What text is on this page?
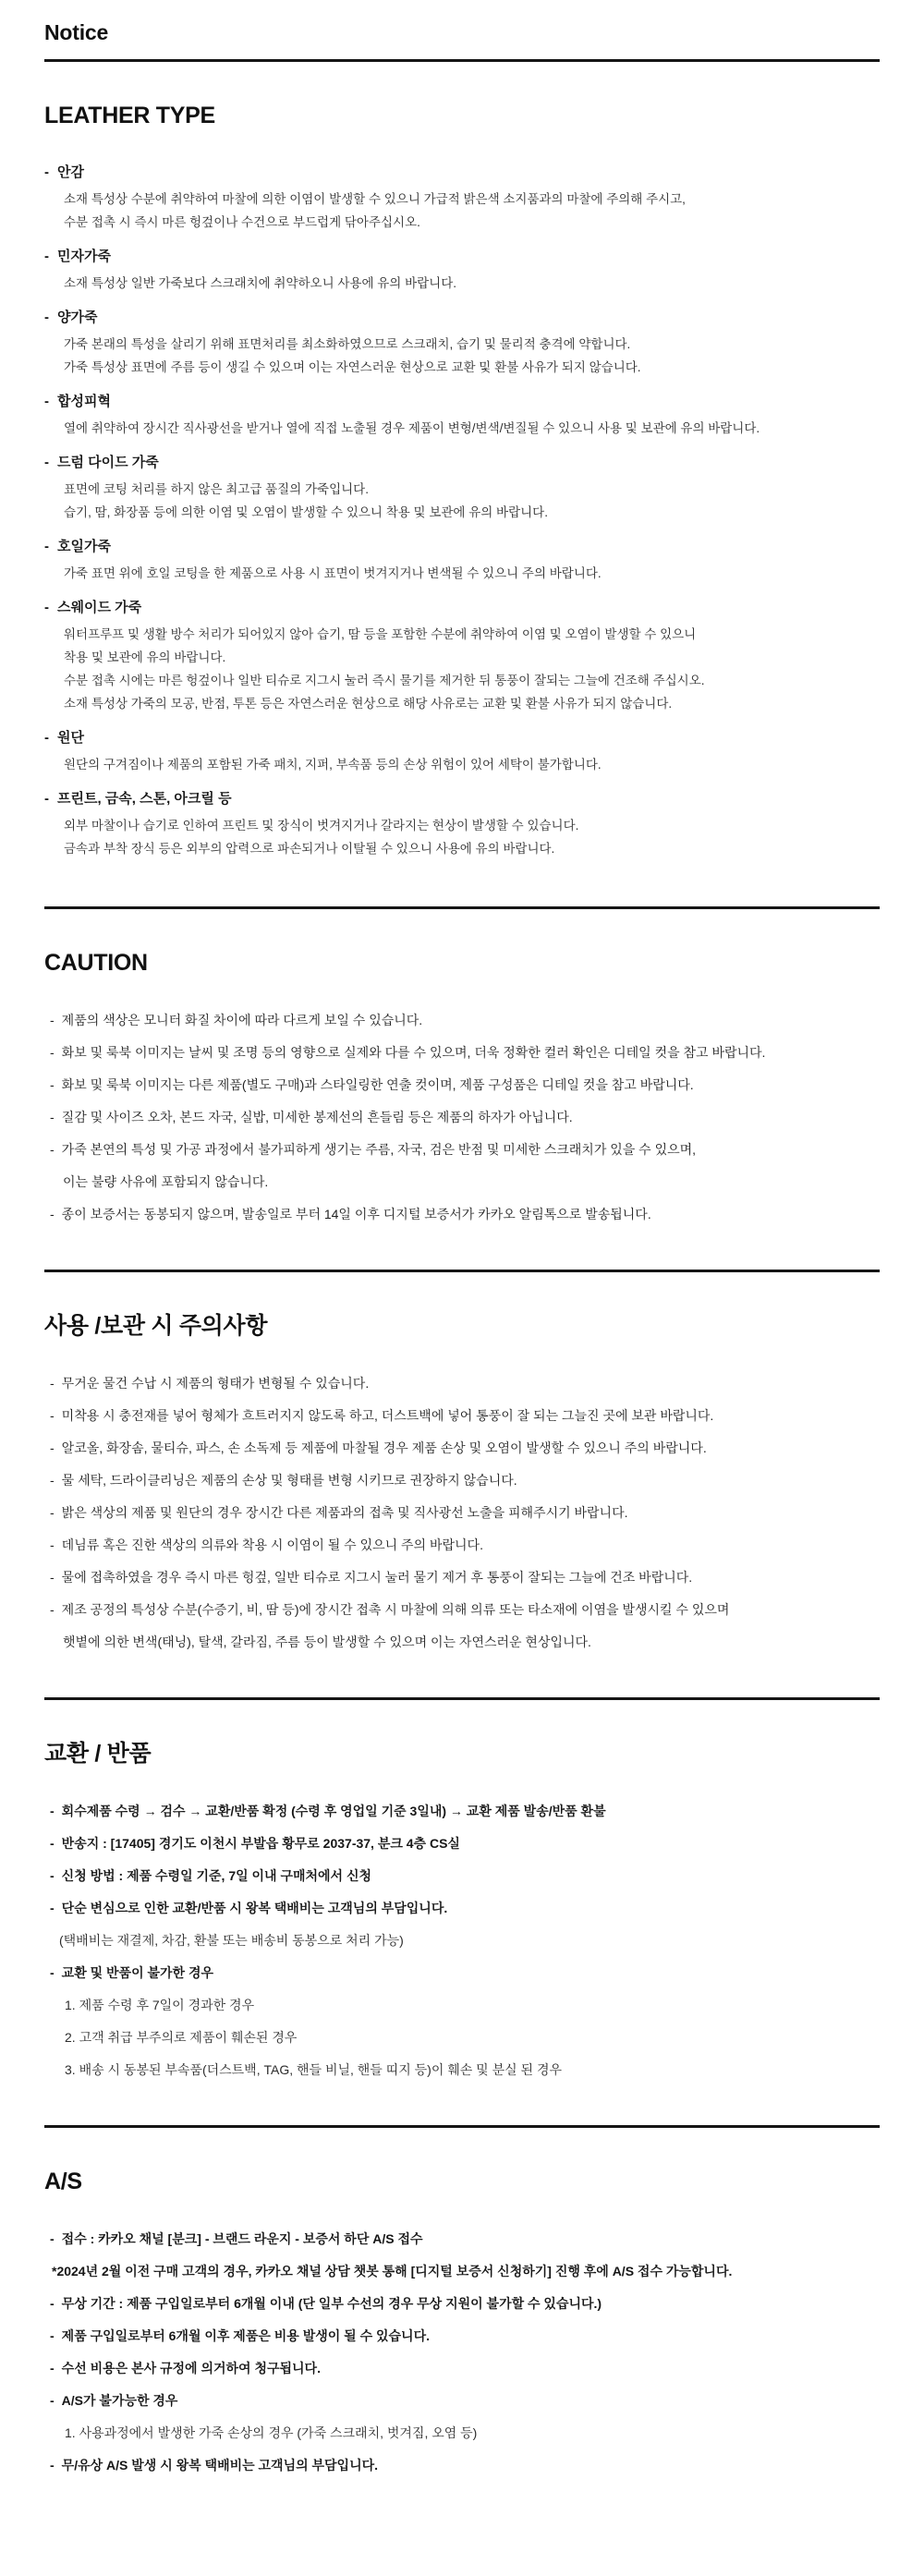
Notice
LEATHER TYPE
- 안감
소재 특성상 수분에 취약하여 마찰에 의한 이염이 발생할 수 있으니 가급적 밝은색 소지품과의 마찰에 주의해 주시고,
수분 접촉 시 즉시 마른 헝겊이나 수건으로 부드럽게 닦아주십시오.
- 민자가죽
소재 특성상 일반 가죽보다 스크래치에 취약하오니 사용에 유의 바랍니다.
- 양가죽
가죽 본래의 특성을 살리기 위해 표면처리를 최소화하였으므로 스크래치, 습기 및 물리적 충격에 약합니다.
가죽 특성상 표면에 주름 등이 생길 수 있으며 이는 자연스러운 현상으로 교환 및 환불 사유가 되지 않습니다.
- 합성피혁
열에 취약하여 장시간 직사광선을 받거나 열에 직접 노출될 경우 제품이 변형/변색/변질될 수 있으니 사용 및 보관에 유의 바랍니다.
- 드럼 다이드 가죽
표면에 코팅 처리를 하지 않은 최고급 품질의 가죽입니다.
습기, 땀, 화장품 등에 의한 이염 및 오염이 발생할 수 있으니 착용 및 보관에 유의 바랍니다.
- 호일가죽
가죽 표면 위에 호일 코팅을 한 제품으로 사용 시 표면이 벗겨지거나 변색될 수 있으니 주의 바랍니다.
- 스웨이드 가죽
워터프루프 및 생활 방수 처리가 되어있지 않아 습기, 땀 등을 포함한 수분에 취약하여 이염 및 오염이 발생할 수 있으니
착용 및 보관에 유의 바랍니다.
수분 접촉 시에는 마른 헝겊이나 일반 티슈로 지그시 눌러 즉시 물기를 제거한 뒤 통풍이 잘되는 그늘에 건조해 주십시오.
소재 특성상 가죽의 모공, 반점, 투톤 등은 자연스러운 현상으로 해당 사유로는 교환 및 환불 사유가 되지 않습니다.
- 원단
원단의 구겨짐이나 제품의 포함된 가죽 패치, 지퍼, 부속품 등의 손상 위험이 있어 세탁이 불가합니다.
- 프린트, 금속, 스톤, 아크릴 등
외부 마찰이나 습기로 인하여 프린트 및 장식이 벗겨지거나 갈라지는 현상이 발생할 수 있습니다.
금속과 부착 장식 등은 외부의 압력으로 파손되거나 이탈될 수 있으니 사용에 유의 바랍니다.
CAUTION
- 제품의 색상은 모니터 화질 차이에 따라 다르게 보일 수 있습니다.
- 화보 및 룩북 이미지는 날씨 및 조명 등의 영향으로 실제와 다를 수 있으며, 더욱 정확한 컬러 확인은 디테일 컷을 참고 바랍니다.
- 화보 및 룩북 이미지는 다른 제품(별도 구매)과 스타일링한 연출 컷이며, 제품 구성품은 디테일 컷을 참고 바랍니다.
- 질감 및 사이즈 오차, 본드 자국, 실밥, 미세한 봉제선의 흔들림 등은 제품의 하자가 아닙니다.
- 가죽 본연의 특성 및 가공 과정에서 불가피하게 생기는 주름, 자국, 검은 반점 및 미세한 스크래치가 있을 수 있으며,
이는 불량 사유에 포함되지 않습니다.
- 종이 보증서는 동봉되지 않으며, 발송일로 부터 14일 이후 디지털 보증서가 카카오 알림톡으로 발송됩니다.
사용 /보관 시 주의사항
- 무거운 물건 수납 시 제품의 형태가 변형될 수 있습니다.
- 미착용 시 충전재를 넣어 형체가 흐트러지지 않도록 하고, 더스트백에 넣어 통풍이 잘 되는 그늘진 곳에 보관 바랍니다.
- 알코올, 화장솜, 물티슈, 파스, 손 소독제 등 제품에 마찰될 경우 제품 손상 및 오염이 발생할 수 있으니 주의 바랍니다.
- 물 세탁, 드라이클리닝은 제품의 손상 및 형태를 변형 시키므로 권장하지 않습니다.
- 밝은 색상의 제품 및 원단의 경우 장시간 다른 제품과의 접촉 및 직사광선 노출을 피해주시기 바랍니다.
- 데님류 혹은 진한 색상의 의류와 착용 시 이염이 될 수 있으니 주의 바랍니다.
- 물에 접촉하였을 경우 즉시 마른 헝겊, 일반 티슈로 지그시 눌러 물기 제거 후 통풍이 잘되는 그늘에 건조 바랍니다.
- 제조 공정의 특성상 수분(수증기, 비, 땀 등)에 장시간 접촉 시 마찰에 의해 의류 또는 타소재에 이염을 발생시킬 수 있으며
햇볕에 의한 변색(태닝), 탈색, 갈라짐, 주름 등이 발생할 수 있으며 이는 자연스러운 현상입니다.
교환 / 반품
- 회수제품 수령 → 검수 → 교환/반품 확정 (수령 후 영업일 기준 3일내) → 교환 제품 발송/반품 환불
- 반송지 : [17405] 경기도 이천시 부발읍 황무로 2037-37, 분크 4층 CS실
- 신청 방법 : 제품 수령일 기준, 7일 이내 구매처에서 신청
- 단순 변심으로 인한 교환/반품 시 왕복 택배비는 고객님의 부담입니다.
(택배비는 재결제, 차감, 환불 또는 배송비 동봉으로 처리 가능)
- 교환 및 반품이 불가한 경우
1. 제품 수령 후 7일이 경과한 경우
2. 고객 취급 부주의로 제품이 훼손된 경우
3. 배송 시 동봉된 부속품(더스트백, TAG, 핸들 비닐, 핸들 띠지 등)이 훼손 및 분실 된 경우
A/S
- 접수 : 카카오 채널 [분크] - 브랜드 라운지 - 보증서 하단 A/S 접수
*2024년 2월 이전 구매 고객의 경우, 카카오 채널 상담 챗봇 통해 [디지털 보증서 신청하기] 진행 후에 A/S 접수 가능합니다.
- 무상 기간 : 제품 구입일로부터 6개월 이내 (단 일부 수선의 경우 무상 지원이 불가할 수 있습니다.)
- 제품 구입일로부터 6개월 이후 제품은 비용 발생이 될 수 있습니다.
- 수선 비용은 본사 규정에 의거하여 청구됩니다.
- A/S가 불가능한 경우
1. 사용과정에서 발생한 가죽 손상의 경우 (가죽 스크래치, 벗겨짐, 오염 등)
- 무/유상 A/S 발생 시 왕복 택배비는 고객님의 부담입니다.
